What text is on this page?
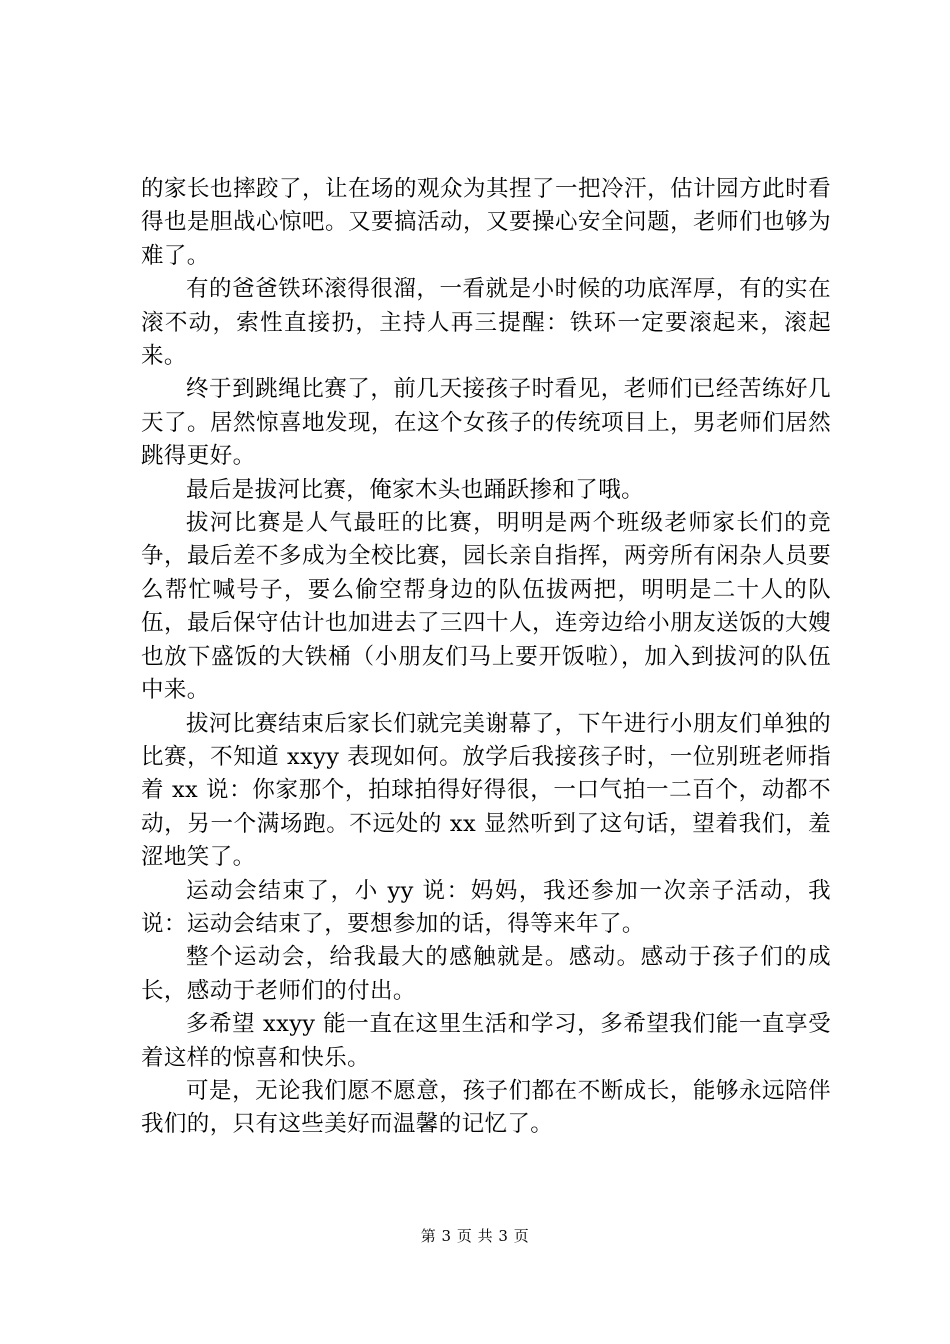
的家长也摔跤了，让在场的观众为其捏了一把冷汗，估计园方此时看得也是胆战心惊吧。又要搞活动，又要操心安全问题，老师们也够为难了。

有的爸爸铁环滚得很溜，一看就是小时候的功底浑厚，有的实在滚不动，索性直接扔，主持人再三提醒：铁环一定要滚起来，滚起来。

终于到跳绳比赛了，前几天接孩子时看见，老师们已经苦练好几天了。居然惊喜地发现，在这个女孩子的传统项目上，男老师们居然跳得更好。

最后是拔河比赛，俺家木头也踊跃掺和了哦。

拔河比赛是人气最旺的比赛，明明是两个班级老师家长们的竞争，最后差不多成为全校比赛，园长亲自指挥，两旁所有闲杂人员要么帮忙喊号子，要么偷空帮身边的队伍拔两把，明明是二十人的队伍，最后保守估计也加进去了三四十人，连旁边给小朋友送饭的大嫂也放下盛饭的大铁桶（小朋友们马上要开饭啦），加入到拔河的队伍中来。

拔河比赛结束后家长们就完美谢幕了，下午进行小朋友们单独的比赛，不知道 xxyy 表现如何。放学后我接孩子时，一位别班老师指着 xx 说：你家那个，拍球拍得好得很，一口气拍一二百个，动都不动，另一个满场跑。不远处的 xx 显然听到了这句话，望着我们，羞涩地笑了。

运动会结束了，小 yy 说：妈妈，我还参加一次亲子活动，我说：运动会结束了，要想参加的话，得等来年了。

整个运动会，给我最大的感触就是。感动。感动于孩子们的成长，感动于老师们的付出。

多希望 xxyy 能一直在这里生活和学习，多希望我们能一直享受着这样的惊喜和快乐。

可是，无论我们愿不愿意，孩子们都在不断成长，能够永远陪伴我们的，只有这些美好而温馨的记忆了。

第 3 页 共 3 页
